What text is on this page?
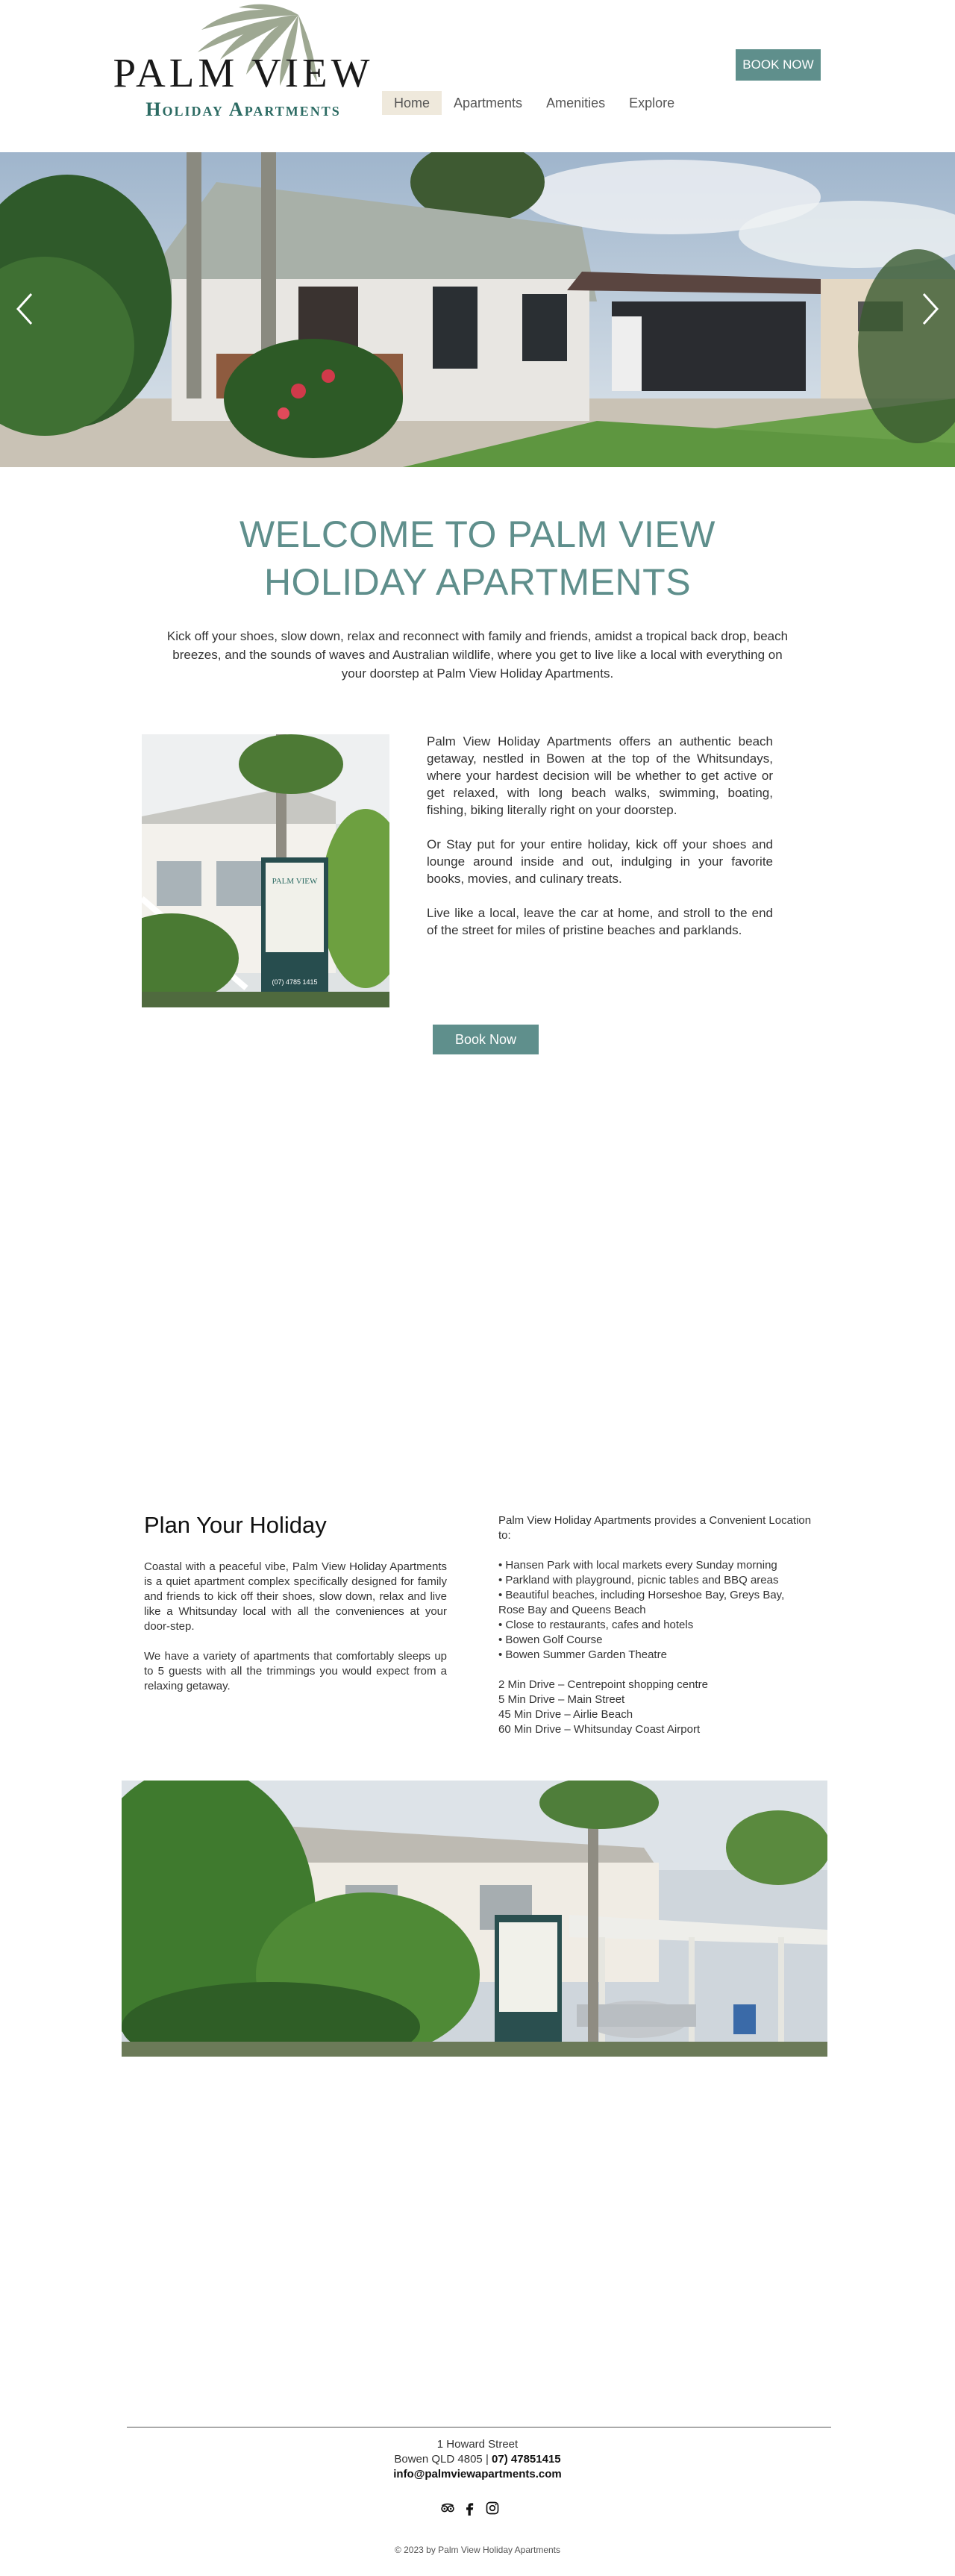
PALM VIEW
Holiday Apartments	Home	Apartments	Amenities	Explore
BOOK NOW
WELCOME TO PALM VIEW
HOLIDAY APARTMENTS
Kick off your shoes, slow down, relax and reconnect with family and friends, amidst a tropical back drop, beach breezes, and the sounds of waves and Australian wildlife, where you get to live like a local with everything on your doorstep at Palm View Holiday Apartments.
PALM VIEW
(07) 4785 1415

Palm View Holiday Apartments offers an authentic beach getaway, nestled in Bowen at the top of the Whitsundays, where your hardest decision will be whether to get active or get relaxed, with long beach walks, swimming, boating, fishing, biking literally right on your doorstep.

Or Stay put for your entire holiday, kick off your shoes and lounge around inside and out, indulging in your favorite books, movies, and culinary treats.

Live like a local, leave the car at home, and stroll to the end of the street for miles of pristine beaches and parklands.

Book Now
Plan Your Holiday

Coastal with a peaceful vibe, Palm View Holiday Apartments is a quiet apartment complex specifically designed for family and friends to kick off their shoes, slow down, relax and live like a Whitsunday local with all the conveniences at your door-step.

We have a variety of apartments that comfortably sleeps up to 5 guests with all the trimmings you would expect from a relaxing getaway.

Palm View Holiday Apartments provides a Convenient Location to:

• Hansen Park with local markets every Sunday morning
• Parkland with playground, picnic tables and BBQ areas
• Beautiful beaches, including Horseshoe Bay, Greys Bay, Rose Bay and Queens Beach
• Close to restaurants, cafes and hotels
• Bowen Golf Course
• Bowen Summer Garden Theatre

2 Min Drive – Centrepoint shopping centre

5 Min Drive – Main Street

45 Min Drive – Airlie Beach

60 Min Drive – Whitsunday Coast Airport

1 Howard Street
Bowen QLD 4805 | 07) 47851415
info@palmviewapartments.com
© 2023 by Palm View Holiday Apartments
